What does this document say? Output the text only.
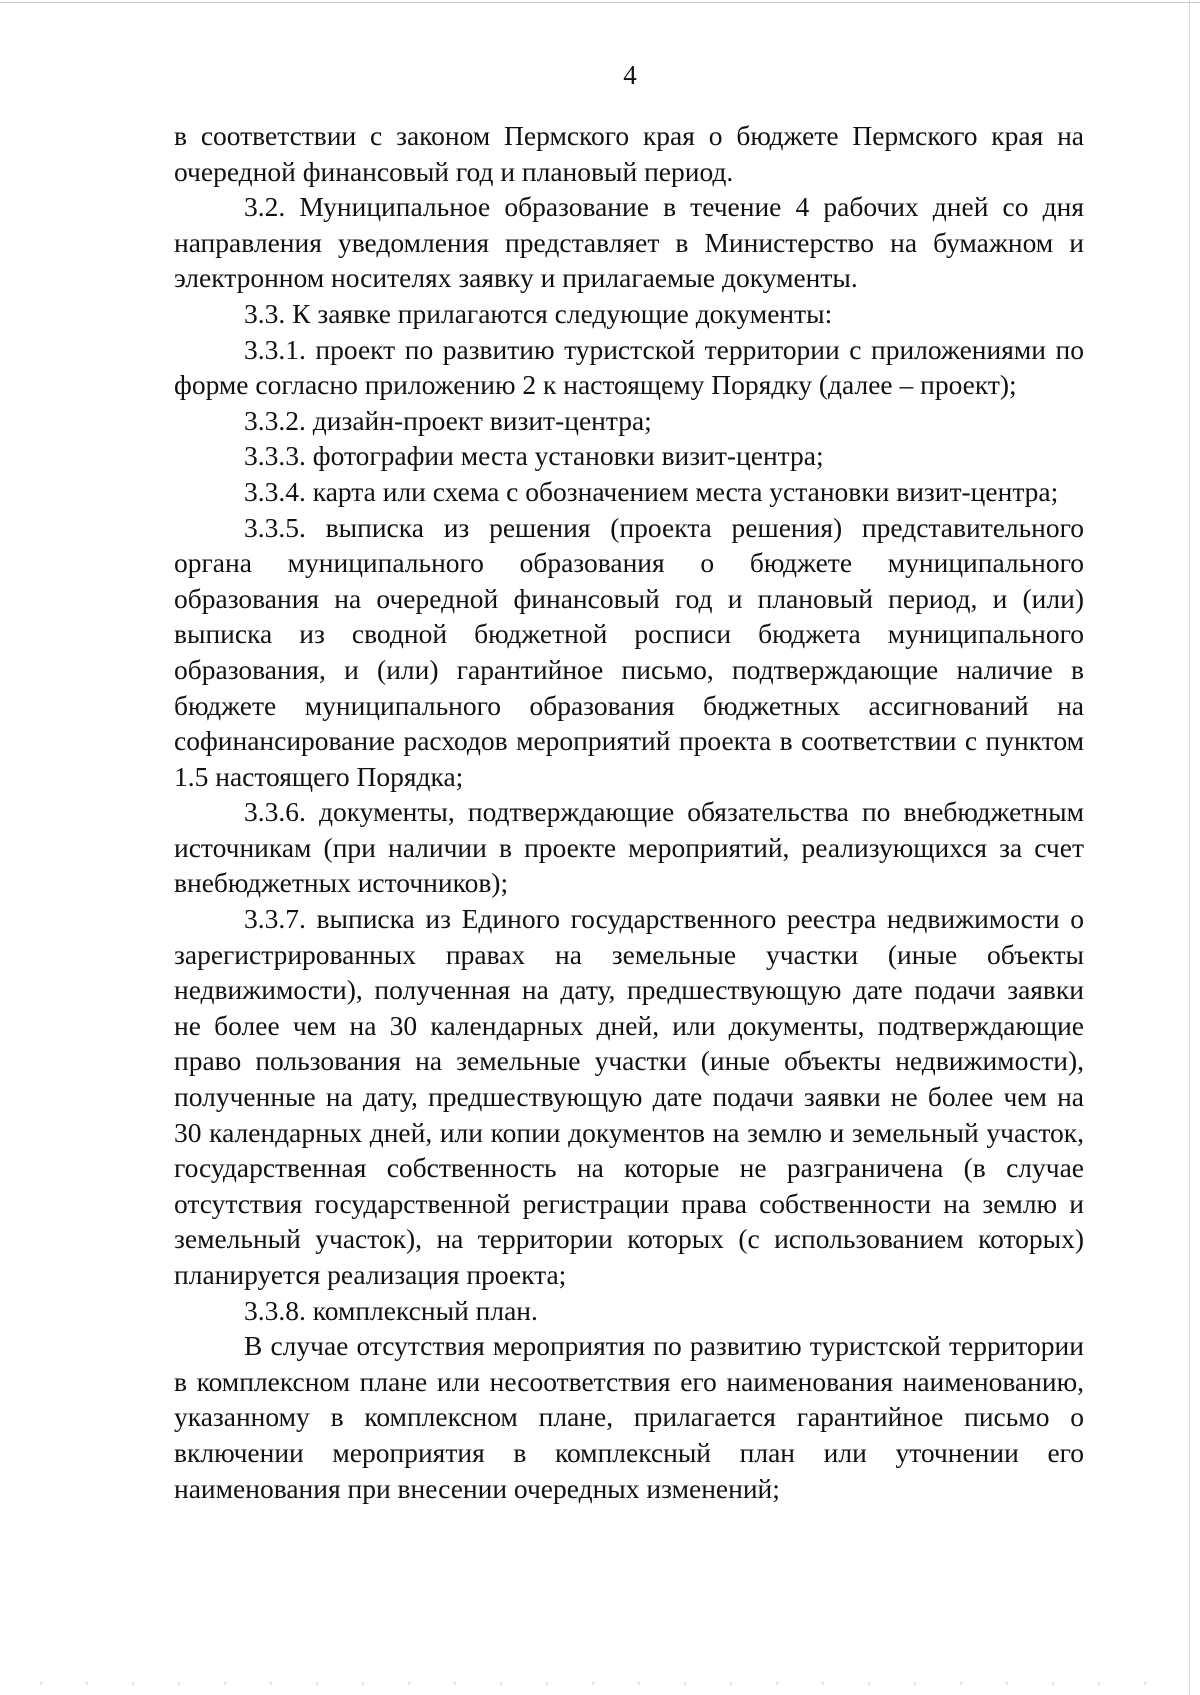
4

в соответствии с законом Пермского края о бюджете Пермского края на очередной финансовый год и плановый период.

3.2. Муниципальное образование в течение 4 рабочих дней со дня направления уведомления представляет в Министерство на бумажном и электронном носителях заявку и прилагаемые документы.

3.3. К заявке прилагаются следующие документы:

3.3.1. проект по развитию туристской территории с приложениями по форме согласно приложению 2 к настоящему Порядку (далее – проект);

3.3.2. дизайн-проект визит-центра;

3.3.3. фотографии места установки визит-центра;

3.3.4. карта или схема с обозначением места установки визит-центра;

3.3.5. выписка из решения (проекта решения) представительного органа муниципального образования о бюджете муниципального образования на очередной финансовый год и плановый период, и (или) выписка из сводной бюджетной росписи бюджета муниципального образования, и (или) гарантийное письмо, подтверждающие наличие в бюджете муниципального образования бюджетных ассигнований на софинансирование расходов мероприятий проекта в соответствии с пунктом 1.5 настоящего Порядка;

3.3.6. документы, подтверждающие обязательства по внебюджетным источникам (при наличии в проекте мероприятий, реализующихся за счет внебюджетных источников);

3.3.7. выписка из Единого государственного реестра недвижимости о зарегистрированных правах на земельные участки (иные объекты недвижимости), полученная на дату, предшествующую дате подачи заявки не более чем на 30 календарных дней, или документы, подтверждающие право пользования на земельные участки (иные объекты недвижимости), полученные на дату, предшествующую дате подачи заявки не более чем на 30 календарных дней, или копии документов на землю и земельный участок, государственная собственность на которые не разграничена (в случае отсутствия государственной регистрации права собственности на землю и земельный участок), на территории которых (с использованием которых) планируется реализация проекта;

3.3.8. комплексный план.

В случае отсутствия мероприятия по развитию туристской территории в комплексном плане или несоответствия его наименования наименованию, указанному в комплексном плане, прилагается гарантийное письмо о включении мероприятия в комплексный план или уточнении его наименования при внесении очередных изменений;
